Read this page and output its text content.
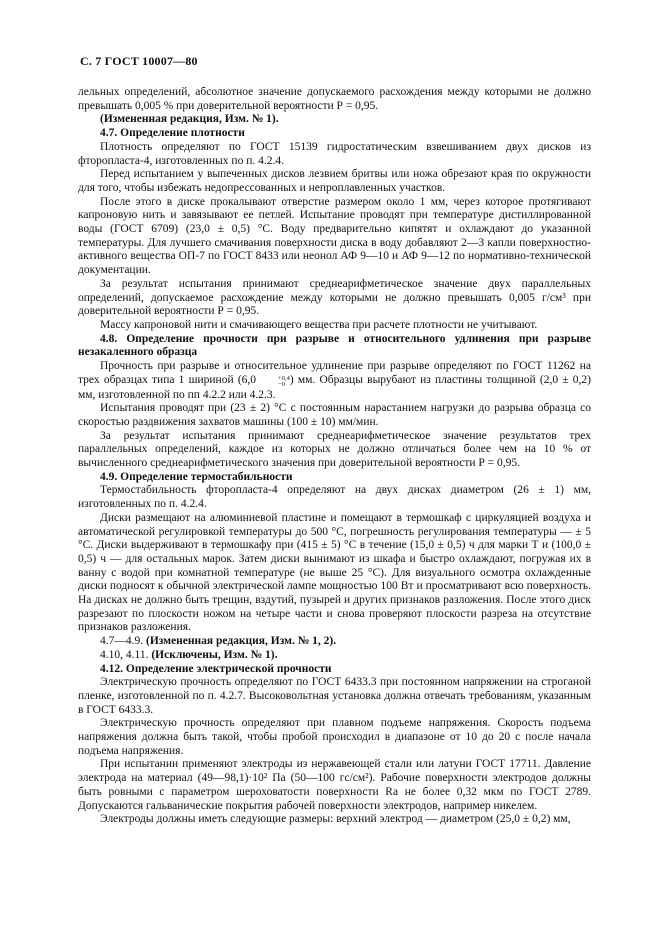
С. 7 ГОСТ 10007—80

лельных определений, абсолютное значение допускаемого расхождения между которыми не должно превышать 0,005 % при доверительной вероятности Р = 0,95.

(Измененная редакция, Изм. № 1).

4.7. Определение плотности

Плотность определяют по ГОСТ 15139 гидростатическим взвешиванием двух дисков из фторопласта-4, изготовленных по п. 4.2.4.

Перед испытанием у выпеченных дисков лезвием бритвы или ножа обрезают края по окружности для того, чтобы избежать недопрессованных и непроплавленных участков.

После этого в диске прокалывают отверстие размером около 1 мм, через которое протягивают капроновую нить и завязывают ее петлей. Испытание проводят при температуре дистиллированной воды (ГОСТ 6709) (23,0 ± 0,5) °С. Воду предварительно кипятят и охлаждают до указанной температуры. Для лучшего смачивания поверхности диска в воду добавляют 2—3 капли поверхностно-активного вещества ОП-7 по ГОСТ 8433 или неонол АФ 9—10 и АФ 9—12 по нормативно-технической документации.

За результат испытания принимают среднеарифметическое значение двух параллельных определений, допускаемое расхождение между которыми не должно превышать 0,005 г/см³ при доверительной вероятности Р = 0,95.

Массу капроновой нити и смачивающего вещества при расчете плотности не учитывают.

4.8. Определение прочности при разрыве и относительного удлинения при разрыве незакаленного образца

Прочность при разрыве и относительное удлинение при разрыве определяют по ГОСТ 11262 на трех образцах типа 1 шириной (6,0	+0,4
−0 ) мм. Образцы вырубают из пластины толщиной (2,0 ± 0,2) мм, изготовленной по пп 4.2.2 или 4.2.3.

Испытания проводят при (23 ± 2) °С с постоянным нарастанием нагрузки до разрыва образца со скоростью раздвижения захватов машины (100 ± 10) мм/мин.

За результат испытания принимают среднеарифметическое значение результатов трех параллельных определений, каждое из которых не должно отличаться более чем на 10 % от вычисленного среднеарифметического значения при доверительной вероятности Р = 0,95.

4.9. Определение термостабильности

Термостабильность фторопласта-4 определяют на двух дисках диаметром (26 ± 1) мм, изготовленных по п. 4.2.4.

Диски размещают на алюминиевой пластине и помещают в термошкаф с циркуляцией воздуха и автоматической регулировкой температуры до 500 °С, погрешность регулирования температуры — ± 5 °С. Диски выдерживают в термошкафу при (415 ± 5) °С в течение (15,0 ± 0,5) ч для марки Т и (100,0 ± 0,5) ч — для остальных марок. Затем диски вынимают из шкафа и быстро охлаждают, погружая их в ванну с водой при комнатной температуре (не выше 25 °С). Для визуального осмотра охлажденные диски подносят к обычной электрической лампе мощностью 100 Вт и просматривают всю поверхность. На дисках не должно быть трещин, вздутий, пузырей и других признаков разложения. После этого диск разрезают по плоскости ножом на четыре части и снова проверяют плоскости разреза на отсутствие признаков разложения.

4.7—4.9. (Измененная редакция, Изм. № 1, 2).

4.10, 4.11. (Исключены, Изм. № 1).

4.12. Определение электрической прочности

Электрическую прочность определяют по ГОСТ 6433.3 при постоянном напряжении на строганой пленке, изготовленной по п. 4.2.7. Высоковольтная установка должна отвечать требованиям, указанным в ГОСТ 6433.3.

Электрическую прочность определяют при плавном подъеме напряжения. Скорость подъема напряжения должна быть такой, чтобы пробой происходил в диапазоне от 10 до 20 с после начала подъема напряжения.

При испытании применяют электроды из нержавеющей стали или латуни ГОСТ 17711. Давление электрода на материал (49—98,1)·10² Па (50—100 гс/см²). Рабочие поверхности электродов должны быть ровными с параметром шероховатости поверхности Ra не более 0,32 мкм по ГОСТ 2789. Допускаются гальванические покрытия рабочей поверхности электродов, например никелем.

Электроды должны иметь следующие размеры: верхний электрод — диаметром (25,0 ± 0,2) мм,
